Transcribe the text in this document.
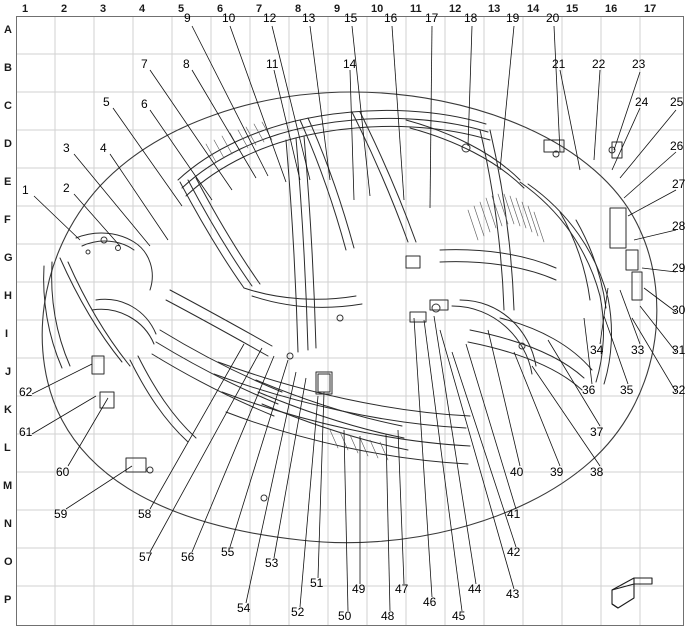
1	2	3	4	5	6	7	8	9	10 11 12 13 14 15 16 17
A
B
C
D
E
F
G
H
I
J
K
L
M
N
O
P
1	2
3	4
5	6
7	8
9	10
11
12 13
14
15 16 17 18 19 20
21 22 23
24 25
26
27
28
29
30
31
32
33
34
35
36
37
38
39
40
41
42
43
44
45
46
47
48
49
50
51
52
53
54
55
56
57
58
59
60
61
62
